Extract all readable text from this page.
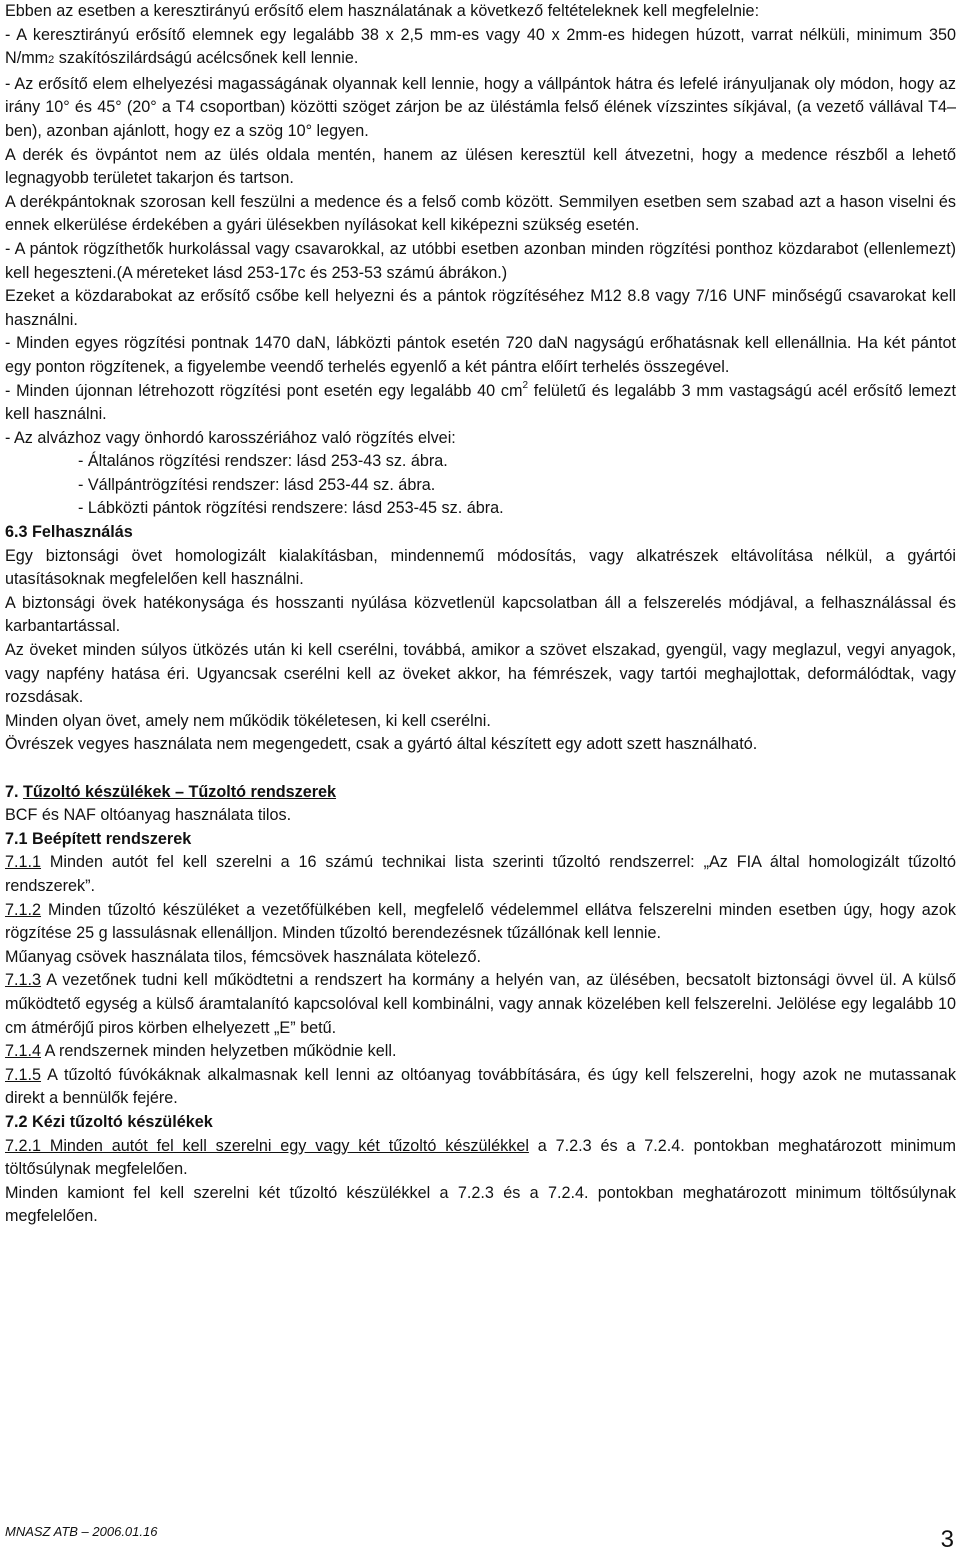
Ebben az esetben a keresztirányú erősítő elem használatának a következő feltételeknek kell megfelelnie:

- A keresztirányú erősítő elemnek egy legalább 38 x 2,5 mm-es vagy 40 x 2mm-es hidegen húzott, varrat nélküli, minimum 350 N/mm2 szakítószilárdságú acélcsőnek kell lennie.

- Az erősítő elem elhelyezési magasságának olyannak kell lennie, hogy a vállpántok hátra és lefelé irányuljanak oly módon, hogy az irány 10° és 45° (20° a T4 csoportban) közötti szöget zárjon be az üléstámla felső élének vízszintes síkjával, (a vezető vállával T4–ben), azonban ajánlott, hogy ez a szög 10° legyen.

A derék és övpántot nem az ülés oldala mentén, hanem az ülésen keresztül kell átvezetni, hogy a medence részből a lehető legnagyobb területet takarjon és tartson.

A derékpántoknak szorosan kell feszülni a medence és a felső comb között. Semmilyen esetben sem szabad azt a hason viselni és ennek elkerülése érdekében a gyári ülésekben nyílásokat kell kiképezni szükség esetén.

- A pántok rögzíthetők hurkolással vagy csavarokkal, az utóbbi esetben azonban minden rögzítési ponthoz közdarabot (ellenlemezt) kell hegeszteni.(A méreteket lásd 253-17c és 253-53 számú ábrákon.)

Ezeket a közdarabokat az erősítő csőbe kell helyezni és a pántok rögzítéséhez M12 8.8 vagy 7/16 UNF minőségű csavarokat kell használni.

- Minden egyes rögzítési pontnak 1470 daN, lábközti pántok esetén 720 daN nagyságú erőhatásnak kell ellenállnia. Ha két pántot egy ponton rögzítenek, a figyelembe veendő terhelés egyenlő a két pántra előírt terhelés összegével.

- Minden újonnan létrehozott rögzítési pont esetén egy legalább 40 $cm^2$ felületű és legalább 3 mm vastagságú acél erősítő lemezt kell használni.

- Az alvázhoz vagy önhordó karosszériához való rögzítés elvei:

- Általános rögzítési rendszer: lásd 253-43 sz. ábra.

- Vállpántrögzítési rendszer: lásd 253-44 sz. ábra.

- Lábközti pántok rögzítési rendszere: lásd 253-45 sz. ábra.

6.3 Felhasználás

Egy biztonsági övet homologizált kialakításban, mindennemű módosítás, vagy alkatrészek eltávolítása nélkül, a gyártói utasításoknak megfelelően kell használni.

A biztonsági övek hatékonysága és hosszanti nyúlása közvetlenül kapcsolatban áll a felszerelés módjával, a felhasználással és karbantartással.

Az öveket minden súlyos ütközés után ki kell cserélni, továbbá, amikor a szövet elszakad, gyengül, vagy meglazul, vegyi anyagok, vagy napfény hatása éri. Ugyancsak cserélni kell az öveket akkor, ha fémrészek, vagy tartói meghajlottak, deformálódtak, vagy rozsdásak.

Minden olyan övet, amely nem működik tökéletesen, ki kell cserélni.

Övrészek vegyes használata nem megengedett, csak a gyártó által készített egy adott szett használható.

7. Tűzoltó készülékek – Tűzoltó rendszerek

BCF és NAF oltóanyag használata tilos.

7.1 Beépített rendszerek

7.1.1 Minden autót fel kell szerelni a 16 számú technikai lista szerinti tűzoltó rendszerrel: „Az FIA által homologizált tűzoltó rendszerek”.

7.1.2 Minden tűzoltó készüléket a vezetőfülkében kell, megfelelő védelemmel ellátva felszerelni minden esetben úgy, hogy azok rögzítése 25 g lassulásnak ellenálljon. Minden tűzoltó berendezésnek tűzállónak kell lennie.

Műanyag csövek használata tilos, fémcsövek használata kötelező.

7.1.3 A vezetőnek tudni kell működtetni a rendszert ha kormány a helyén van, az ülésében, becsatolt biztonsági övvel ül. A külső működtető egység a külső áramtalanító kapcsolóval kell kombinálni, vagy annak közelében kell felszerelni. Jelölése egy legalább 10 cm átmérőjű piros körben elhelyezett „E” betű.

7.1.4 A rendszernek minden helyzetben működnie kell.

7.1.5 A tűzoltó fúvókáknak alkalmasnak kell lenni az oltóanyag továbbítására, és úgy kell felszerelni, hogy azok ne mutassanak direkt a bennülők fejére.

7.2 Kézi tűzoltó készülékek

7.2.1 Minden autót fel kell szerelni egy vagy két tűzoltó készülékkel a 7.2.3 és a 7.2.4. pontokban meghatározott minimum töltősúlynak megfelelően.

Minden kamiont fel kell szerelni két tűzoltó készülékkel a 7.2.3 és a 7.2.4. pontokban meghatározott minimum töltősúlynak megfelelően.

MNASZ ATB – 2006.01.16	3
